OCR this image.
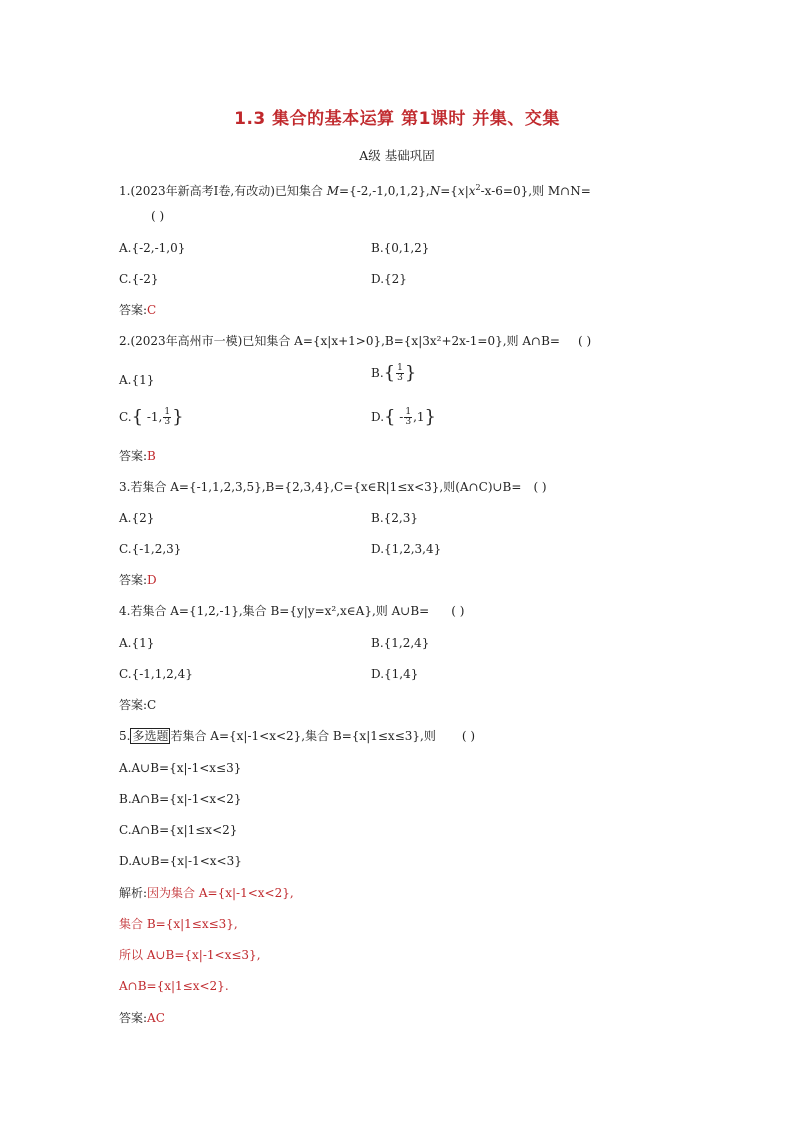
1.3 集合的基本运算 第1课时 并集、交集
A级 基础巩固
1.(2023年新高考Ⅰ卷,有改动)已知集合 $M=\{-2,-1,0,1,2\},N=\{x|x^2-x-6=0\}$,则 M∩N=
( )
A.{-2,-1,0}	B.{0,1,2}
C.{-2}	D.{2}
答案:C
2.(2023年高州市一模)已知集合 A={x|x+1>0},B={x|3x²+2x-1=0},则 A∩B= ( )
A.{1}	$B.\{ \frac{1}{3}$ }
C.{ -1, $\frac{1}{3}$ }	$D.\{ - \frac{1}{3} ,1\}$
答案:B
3.若集合 A={-1,1,2,3,5},B={2,3,4},C={x∈R|1≤x<3},则(A∩C)∪B= ( )
A.{2}	B.{2,3}
C.{-1,2,3}	D.{1,2,3,4}
答案:D
4.若集合 A={1,2,-1},集合 B={y|y=x²,x∈A},则 A∪B= ( )
A.{1}	B.{1,2,4}
C.{-1,1,2,4}	D.{1,4}
答案:C
5. 多选题 若集合 A={x|-1<x<2},集合 B={x|1≤x≤3},则 ( )
A.A∪B={x|-1<x≤3}
B.A∩B={x|-1<x<2}
C.A∩B={x|1≤x<2}
D.A∪B={x|-1<x<3}
解析:因为集合 A={x|-1<x<2},
集合 B={x|1≤x≤3},
所以 A∪B={x|-1<x≤3},
A∩B={x|1≤x<2}.
答案:AC
